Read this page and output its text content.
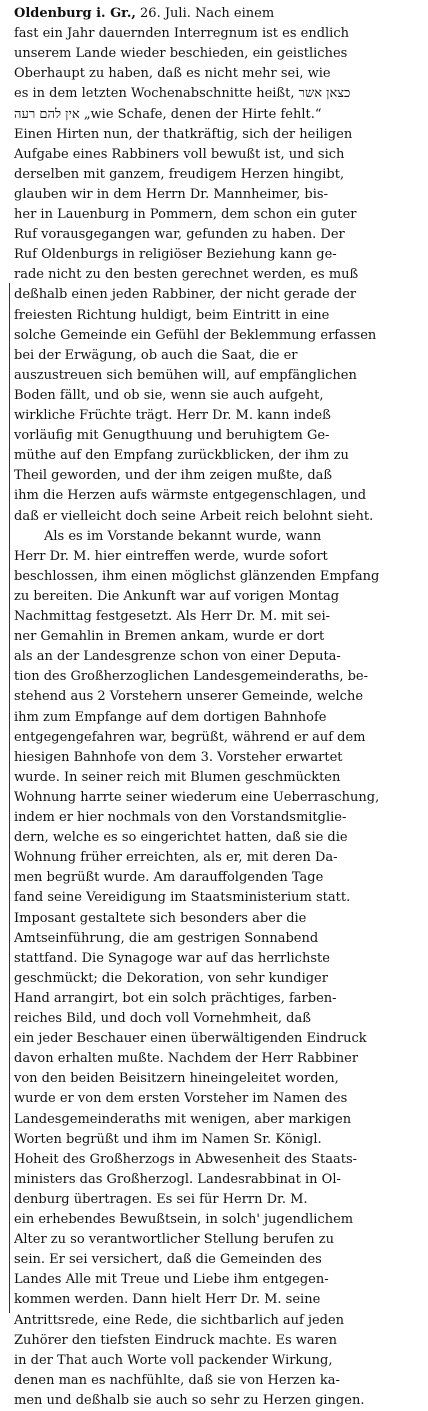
Oldenburg i. Gr., 26. Juli. Nach einem
fast ein Jahr dauernden Interregnum ist es endlich
unserem Lande wieder beschieden, ein geistliches
Oberhaupt zu haben, daß es nicht mehr sei, wie
es in dem letzten Wochenabschnitte heißt, כצאן אשר
אין להם רעה „wie Schafe, denen der Hirte fehlt.“
Einen Hirten nun, der thatkräftig, sich der heiligen
Aufgabe eines Rabbiners voll bewußt ist, und sich
derselben mit ganzem, freudigem Herzen hingibt,
glauben wir in dem Herrn Dr. Mannheimer, bis-
her in Lauenburg in Pommern, dem schon ein guter
Ruf vorausgegangen war, gefunden zu haben. Der
Ruf Oldenburgs in religiöser Beziehung kann ge-
rade nicht zu den besten gerechnet werden, es muß
deßhalb einen jeden Rabbiner, der nicht gerade der
freiesten Richtung huldigt, beim Eintritt in eine
solche Gemeinde ein Gefühl der Beklemmung erfassen
bei der Erwägung, ob auch die Saat, die er
auszustreuen sich bemühen will, auf empfänglichen
Boden fällt, und ob sie, wenn sie auch aufgeht,
wirkliche Früchte trägt. Herr Dr. M. kann indeß
vorläufig mit Genugthuung und beruhigtem Ge-
müthe auf den Empfang zurückblicken, der ihm zu
Theil geworden, und der ihm zeigen mußte, daß
ihm die Herzen aufs wärmste entgegenschlagen, und
daß er vielleicht doch seine Arbeit reich belohnt sieht.
Als es im Vorstande bekannt wurde, wann
Herr Dr. M. hier eintreffen werde, wurde sofort
beschlossen, ihm einen möglichst glänzenden Empfang
zu bereiten. Die Ankunft war auf vorigen Montag
Nachmittag festgesetzt. Als Herr Dr. M. mit sei-
ner Gemahlin in Bremen ankam, wurde er dort
als an der Landesgrenze schon von einer Deputa-
tion des Großherzoglichen Landesgemeinderaths, be-
stehend aus 2 Vorstehern unserer Gemeinde, welche
ihm zum Empfange auf dem dortigen Bahnhofe
entgegengefahren war, begrüßt, während er auf dem
hiesigen Bahnhofe von dem 3. Vorsteher erwartet
wurde. In seiner reich mit Blumen geschmückten
Wohnung harrte seiner wiederum eine Ueberraschung,
indem er hier nochmals von den Vorstandsmitglie-
dern, welche es so eingerichtet hatten, daß sie die
Wohnung früher erreichten, als er, mit deren Da-
men begrüßt wurde. Am darauffolgenden Tage
fand seine Vereidigung im Staatsministerium statt.
Imposant gestaltete sich besonders aber die
Amtseinführung, die am gestrigen Sonnabend
stattfand. Die Synagoge war auf das herrlichste
geschmückt; die Dekoration, von sehr kundiger
Hand arrangirt, bot ein solch prächtiges, farben-
reiches Bild, und doch voll Vornehmheit, daß
ein jeder Beschauer einen überwältigenden Eindruck
davon erhalten mußte. Nachdem der Herr Rabbiner
von den beiden Beisitzern hineingeleitet worden,
wurde er von dem ersten Vorsteher im Namen des
Landesgemeinderaths mit wenigen, aber markigen
Worten begrüßt und ihm im Namen Sr. Königl.
Hoheit des Großherzogs in Abwesenheit des Staats-
ministers das Großherzogl. Landesrabbinat in Ol-
denburg übertragen. Es sei für Herrn Dr. M.
ein erhebendes Bewußtsein, in solch' jugendlichem
Alter zu so verantwortlicher Stellung berufen zu
sein. Er sei versichert, daß die Gemeinden des
Landes Alle mit Treue und Liebe ihm entgegen-
kommen werden. Dann hielt Herr Dr. M. seine
Antrittsrede, eine Rede, die sichtbarlich auf jeden
Zuhörer den tiefsten Eindruck machte. Es waren
in der That auch Worte voll packender Wirkung,
denen man es nachfühlte, daß sie von Herzen ka-
men und deßhalb sie auch so sehr zu Herzen gingen.
